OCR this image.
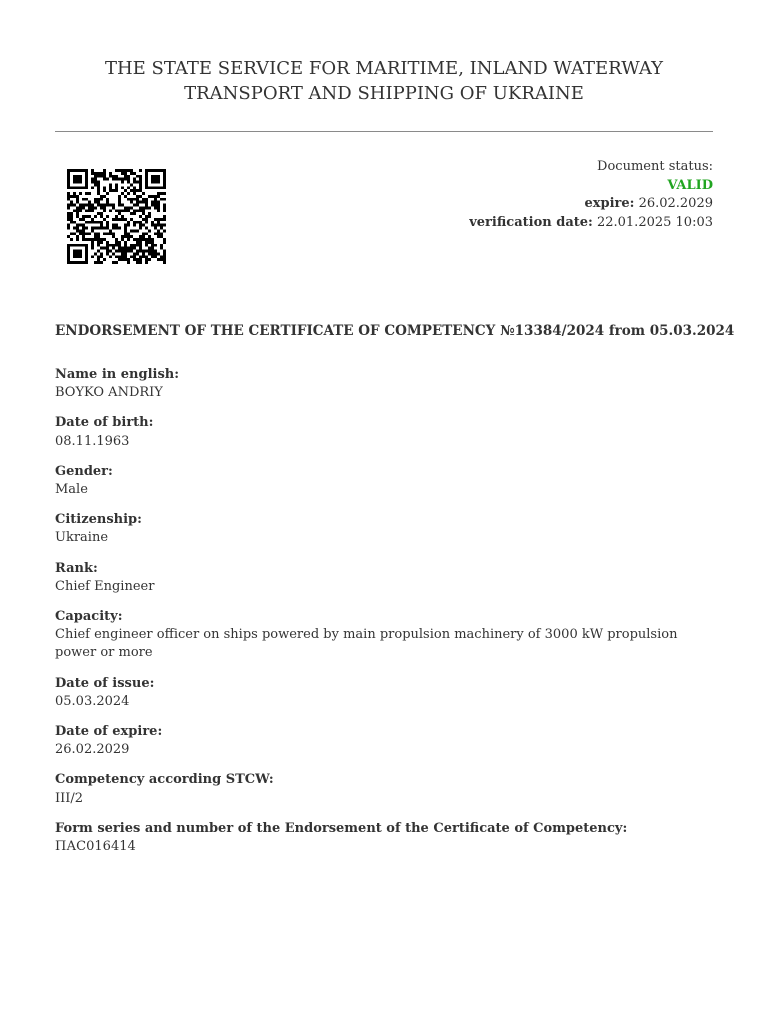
THE STATE SERVICE FOR MARITIME, INLAND WATERWAY
TRANSPORT AND SHIPPING OF UKRAINE
Document status:
VALID
expire: 26.02.2029
verification date: 22.01.2025 10:03
ENDORSEMENT OF THE CERTIFICATE OF COMPETENCY №13384/2024 from 05.03.2024
Name in english:
BOYKO ANDRIY
Date of birth:
08.11.1963
Gender:
Male
Citizenship:
Ukraine
Rank:
Chief Engineer
Capacity:
Chief engineer officer on ships powered by main propulsion machinery of 3000 kW propulsion power or more
Date of issue:
05.03.2024
Date of expire:
26.02.2029
Competency according STCW:
III/2
Form series and number of the Endorsement of the Certificate of Competency:
ПАС016414
